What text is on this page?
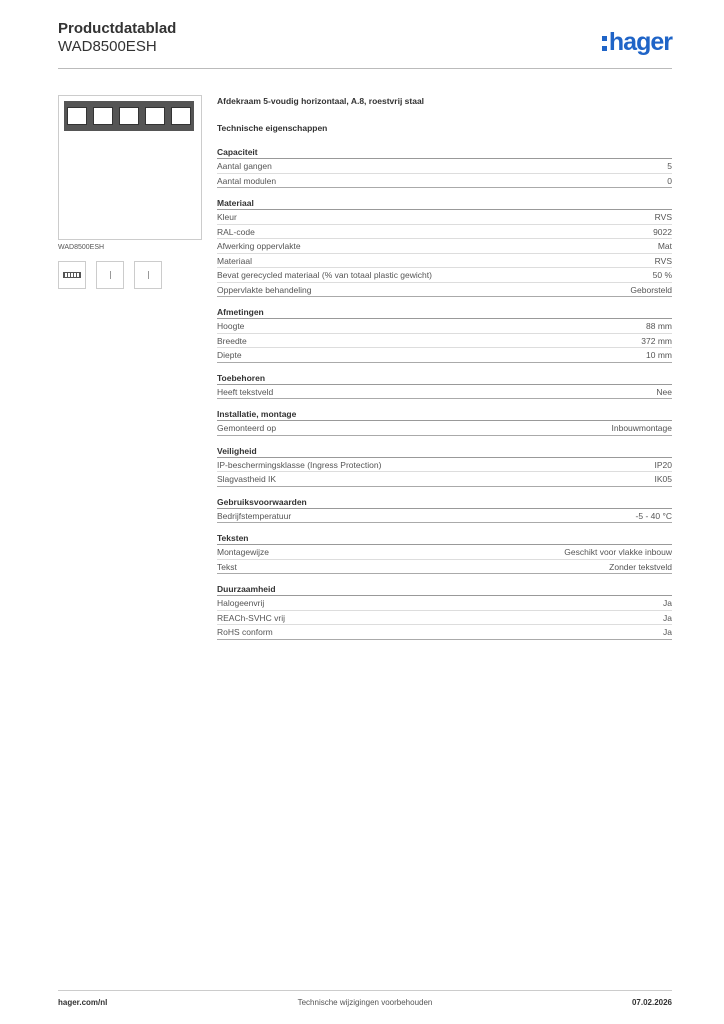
Productdatablad
WAD8500ESH	hager
WAD8500ESH
Afdekraam 5-voudig horizontaal, A.8, roestvrij staal
Technische eigenschappen
Capaciteit
Aantal gangen	5
Aantal modulen	0
Materiaal
Kleur	RVS
RAL-code	9022
Afwerking oppervlakte	Mat
Materiaal	RVS
Bevat gerecycled materiaal (% van totaal plastic gewicht)	50 %
Oppervlakte behandeling	Geborsteld
Afmetingen
Hoogte	88 mm
Breedte	372 mm
Diepte	10 mm
Toebehoren
Heeft tekstveld	Nee
Installatie, montage
Gemonteerd op	Inbouwmontage
Veiligheid
IP-beschermingsklasse (Ingress Protection)	IP20
Slagvastheid IK	IK05
Gebruiksvoorwaarden
Bedrijfstemperatuur	-5 - 40 °C
Teksten
Montagewijze	Geschikt voor vlakke inbouw
Tekst	Zonder tekstveld
Duurzaamheid
Halogeenvrij	Ja
REACh-SVHC vrij	Ja
RoHS conform	Ja
hager.com/nl	Technische wijzigingen voorbehouden	07.02.2026
